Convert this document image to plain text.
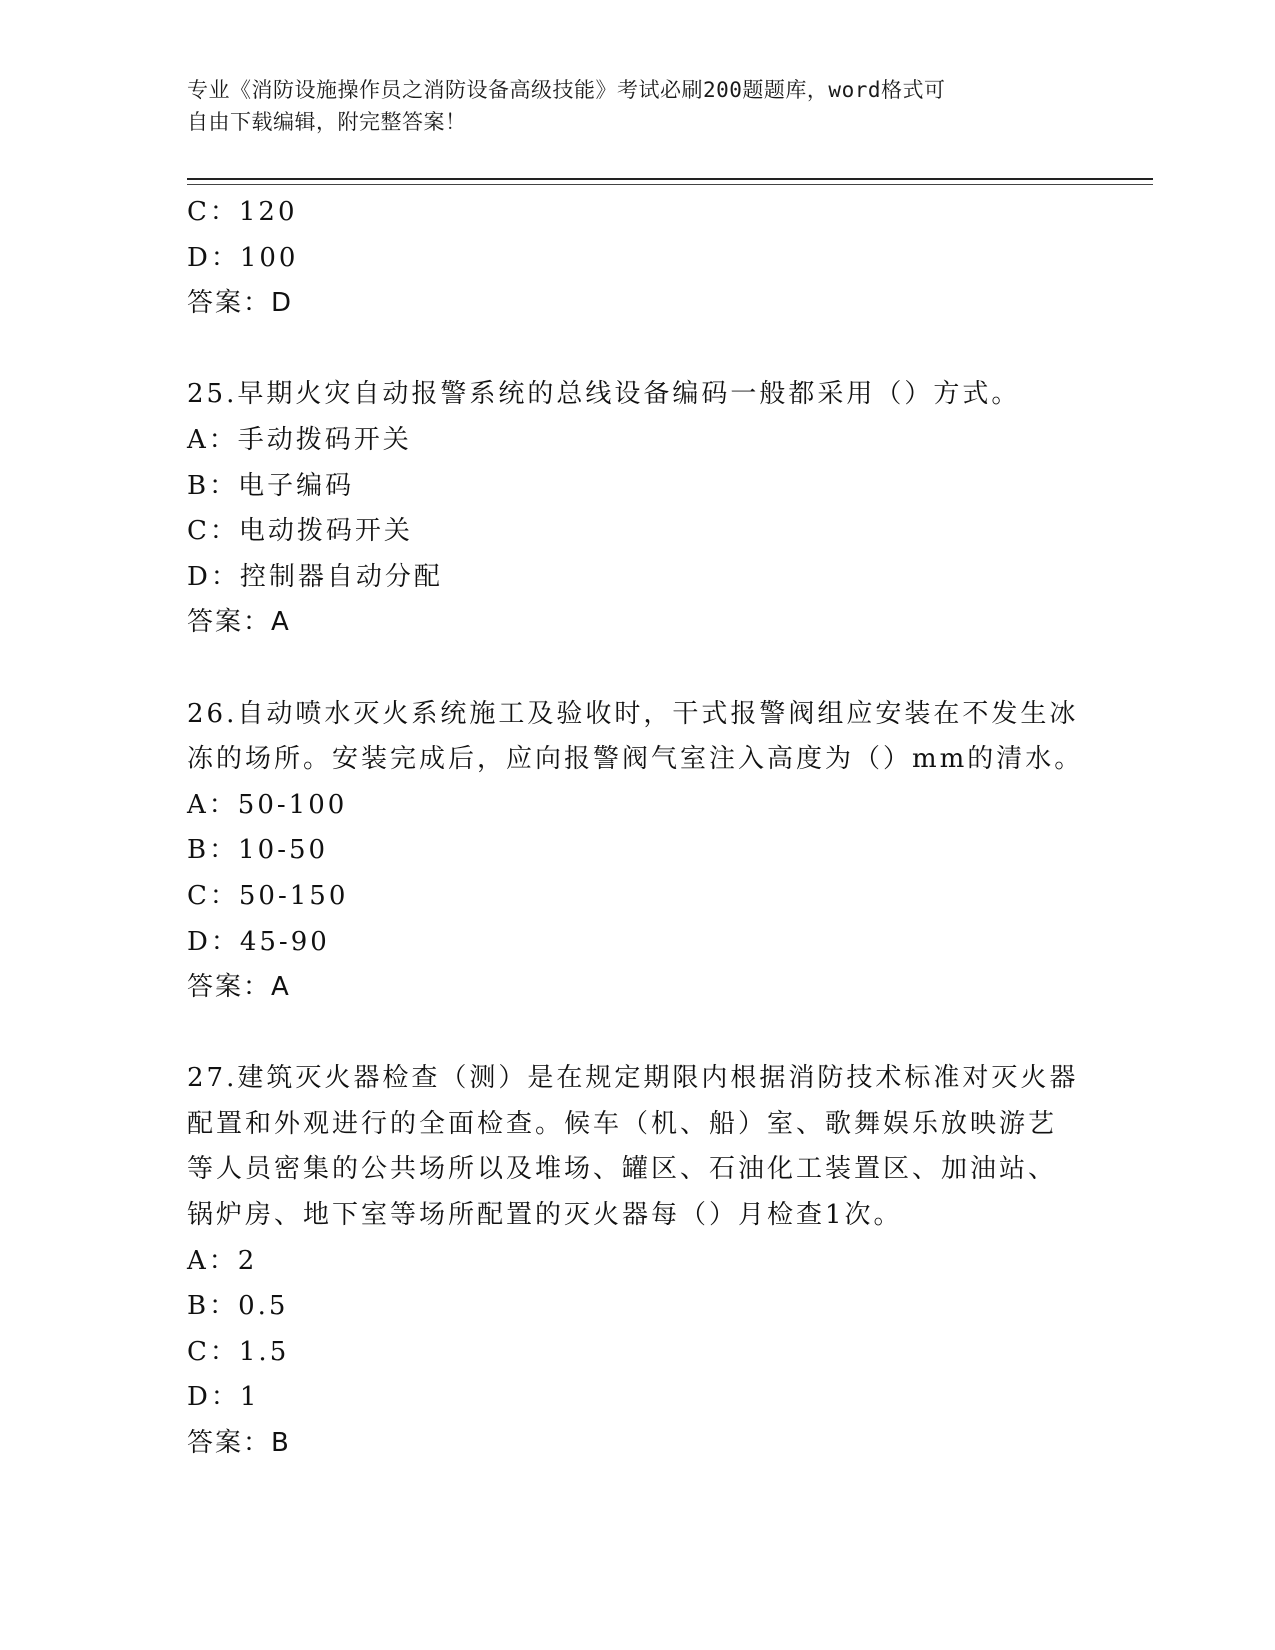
专业《消防设施操作员之消防设备高级技能》考试必刷200题题库，word格式可
自由下载编辑，附完整答案！
C：120
D：100
答案：D
25.早期火灾自动报警系统的总线设备编码一般都采用（）方式。
A：手动拨码开关
B：电子编码
C：电动拨码开关
D：控制器自动分配
答案：A
26.自动喷水灭火系统施工及验收时，干式报警阀组应安装在不发生冰
冻的场所。安装完成后，应向报警阀气室注入高度为（）mm的清水。
A：50-100
B：10-50
C：50-150
D：45-90
答案：A
27.建筑灭火器检查（测）是在规定期限内根据消防技术标准对灭火器
配置和外观进行的全面检查。候车（机、船）室、歌舞娱乐放映游艺
等人员密集的公共场所以及堆场、罐区、石油化工装置区、加油站、
锅炉房、地下室等场所配置的灭火器每（）月检查1次。
A：2
B：0.5
C：1.5
D：1
答案：B
